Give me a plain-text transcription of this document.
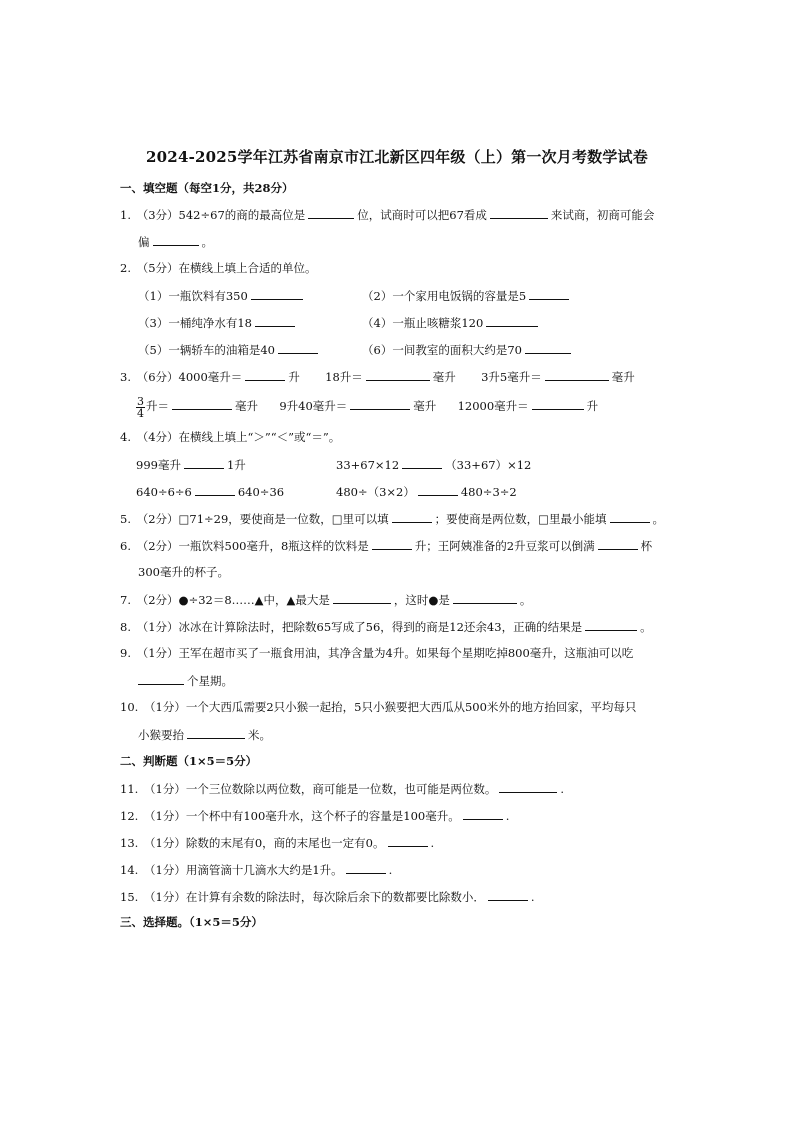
2024-2025学年江苏省南京市江北新区四年级（上）第一次月考数学试卷
一、填空题（每空1分，共28分）
1.　（3分）542÷67的商的最高位是	位，试商时可以把67看成	来试商，初商可能会
偏	。
2.　（5分）在横线上填上合适的单位。
（1）一瓶饮料有350	（2）一个家用电饭锅的容量是5
（3）一桶纯净水有18	（4）一瓶止咳糖浆120
（5）一辆轿车的油箱是40	（6）一间教室的面积大约是70
3.　（6分）4000毫升＝	升 18升＝	毫升 3升5毫升＝	毫升
$\frac{3}{4}$ 升＝	毫升 9升40毫升＝	毫升 12000毫升＝	升
4.　（4分）在横线上填上“＞”“＜”或“＝”。
999毫升	1升	33+67×12	（33+67）×12
640÷6÷6	640÷36	480÷（3×2）	480÷3÷2
5.　（2分）□71÷29，要使商是一位数，□里可以填	；要使商是两位数，□里最小能填	。
6.　（2分）一瓶饮料500毫升，8瓶这样的饮料是	升；王阿姨准备的2升豆浆可以倒满	杯
300毫升的杯子。
7.　（2分）●÷32＝8……▲中，▲最大是	，这时●是	。
8.　（1分）冰冰在计算除法时，把除数65写成了56，得到的商是12还余43，正确的结果是	。
9.　（1分）王军在超市买了一瓶食用油，其净含量为4升。如果每个星期吃掉800毫升，这瓶油可以吃
个星期。
10.　（1分）一个大西瓜需要2只小猴一起抬，5只小猴要把大西瓜从500米外的地方抬回家，平均每只
小猴要抬	米。
二、判断题（1×5＝5分）
11.　（1分）一个三位数除以两位数，商可能是一位数，也可能是两位数。	.
12.　（1分）一个杯中有100毫升水，这个杯子的容量是100毫升。	.
13.　（1分）除数的末尾有0，商的末尾也一定有0。	.
14.　（1分）用滴管滴十几滴水大约是1升。	.
15.　（1分）在计算有余数的除法时，每次除后余下的数都要比除数小．	.
三、选择题。（1×5＝5分）
